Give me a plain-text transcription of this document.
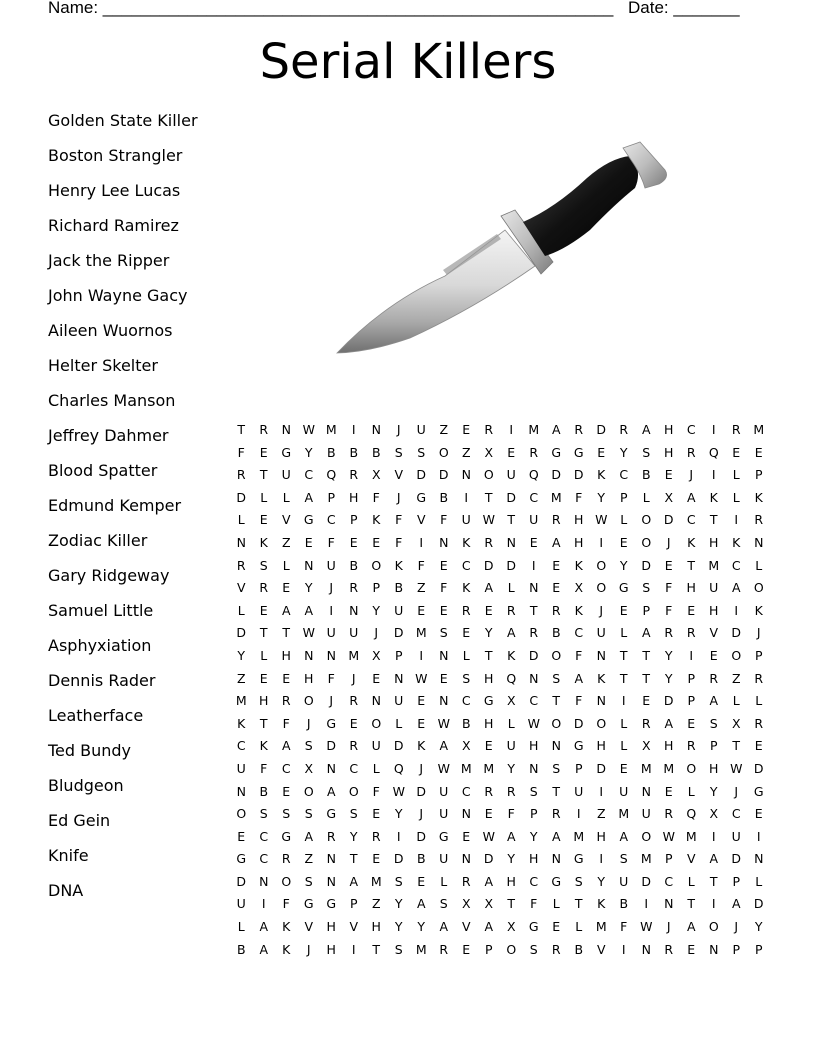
Name: ______________________________________________________ Date: _______
Serial Killers
Golden State Killer
Boston Strangler
Henry Lee Lucas
Richard Ramirez
Jack the Ripper
John Wayne Gacy
Aileen Wuornos
Helter Skelter
Charles Manson
Jeffrey Dahmer
Blood Spatter
Edmund Kemper
Zodiac Killer
Gary Ridgeway
Samuel Little
Asphyxiation
Dennis Rader
Leatherface
Ted Bundy
Bludgeon
Ed Gein
Knife
DNA
T	R	N W M	I	N	J	U	Z	E	R	I	M	A	R	D	R	A	H	C	I	R	M
F	E	G	Y	B	B	B	S	S	O	Z	X	E	R	G	G	E	Y	S	H	R	Q	E	E
R	T	U	C	Q	R	X	V	D	D	N	O	U	Q	D	D	K	C	B	E	J	I	L	P
D	L	L	A	P	H	F	J	G	B	I	T	D	C	M	F	Y	P	L	X	A	K	L	K
L	E	V	G	C	P	K	F	V	F	U W T	U	R	H W	L	O	D	C	T	I	R
N	K	Z	E	F	E	E	F	I	N	K	R	N	E	A	H	I	E	O	J	K	H	K	N
R	S	L	N	U	B	O	K	F	E	C	D	D	I	E	K	O	Y	D	E	T	M	C	L
V	R	E	Y	J	R	P	B	Z	F	K	A	L	N	E	X	O	G	S	F	H	U	A	O
L	E	A	A	I	N	Y	U	E	E	R	E	R	T	R	K	J	E	P	F	E	H	I	K
D	T	T	W U	U	J	D M	S	E	Y	A	R	B	C	U	L	A	R	R	V	D	J
Y	L	H	N	N M	X	P	I	N	L	T	K	D	O	F	N	T	T	Y	I	E	O	P
Z	E	E	H	F	J	E	N W E	S	H	Q	N	S	A	K	T	T	Y	P	R	Z	R
M H	R	O	J	R	N	U	E	N	C	G	X	C	T	F	N	I	E	D	P	A	L	L
K	T	F	J	G	E	O	L	E W B	H	L	W O	D	O	L	R	A	E	S	X	R
C	K	A	S	D	R	U	D	K	A	X	E	U	H	N	G	H	L	X	H	R	P	T	E
U	F	C	X	N	C	L	Q	J	W M M	Y	N	S	P	D	E	M M O	H W D
N	B	E	O	A	O	F	W D	U	C	R	R	S	T	U	I	U	N	E	L	Y	J	G
O	S	S	S	G	S	E	Y	J	U	N	E	F	P	R	I	Z	M	U	R	Q	X	C	E
E	C	G	A	R	Y	R	I	D	G	E W A	Y	A	M H	A	O W M	I	U	I
G	C	R	Z	N	T	E	D	B	U	N	D	Y	H	N	G	I	S	M	P	V	A	D	N
D	N	O	S	N	A	M	S	E	L	R	A	H	C	G	S	Y	U	D	C	L	T	P	L
U	I	F	G	G	P	Z	Y	A	S	X	X	T	F	L	T	K	B	I	N	T	I	A	D
L	A	K	V	H	V	H	Y	Y	A	V	A	X	G	E	L	M	F	W	J	A	O	J	Y
B	A	K	J	H	I	T	S	M	R	E	P	O	S	R	B	V	I	N	R	E	N	P	P
